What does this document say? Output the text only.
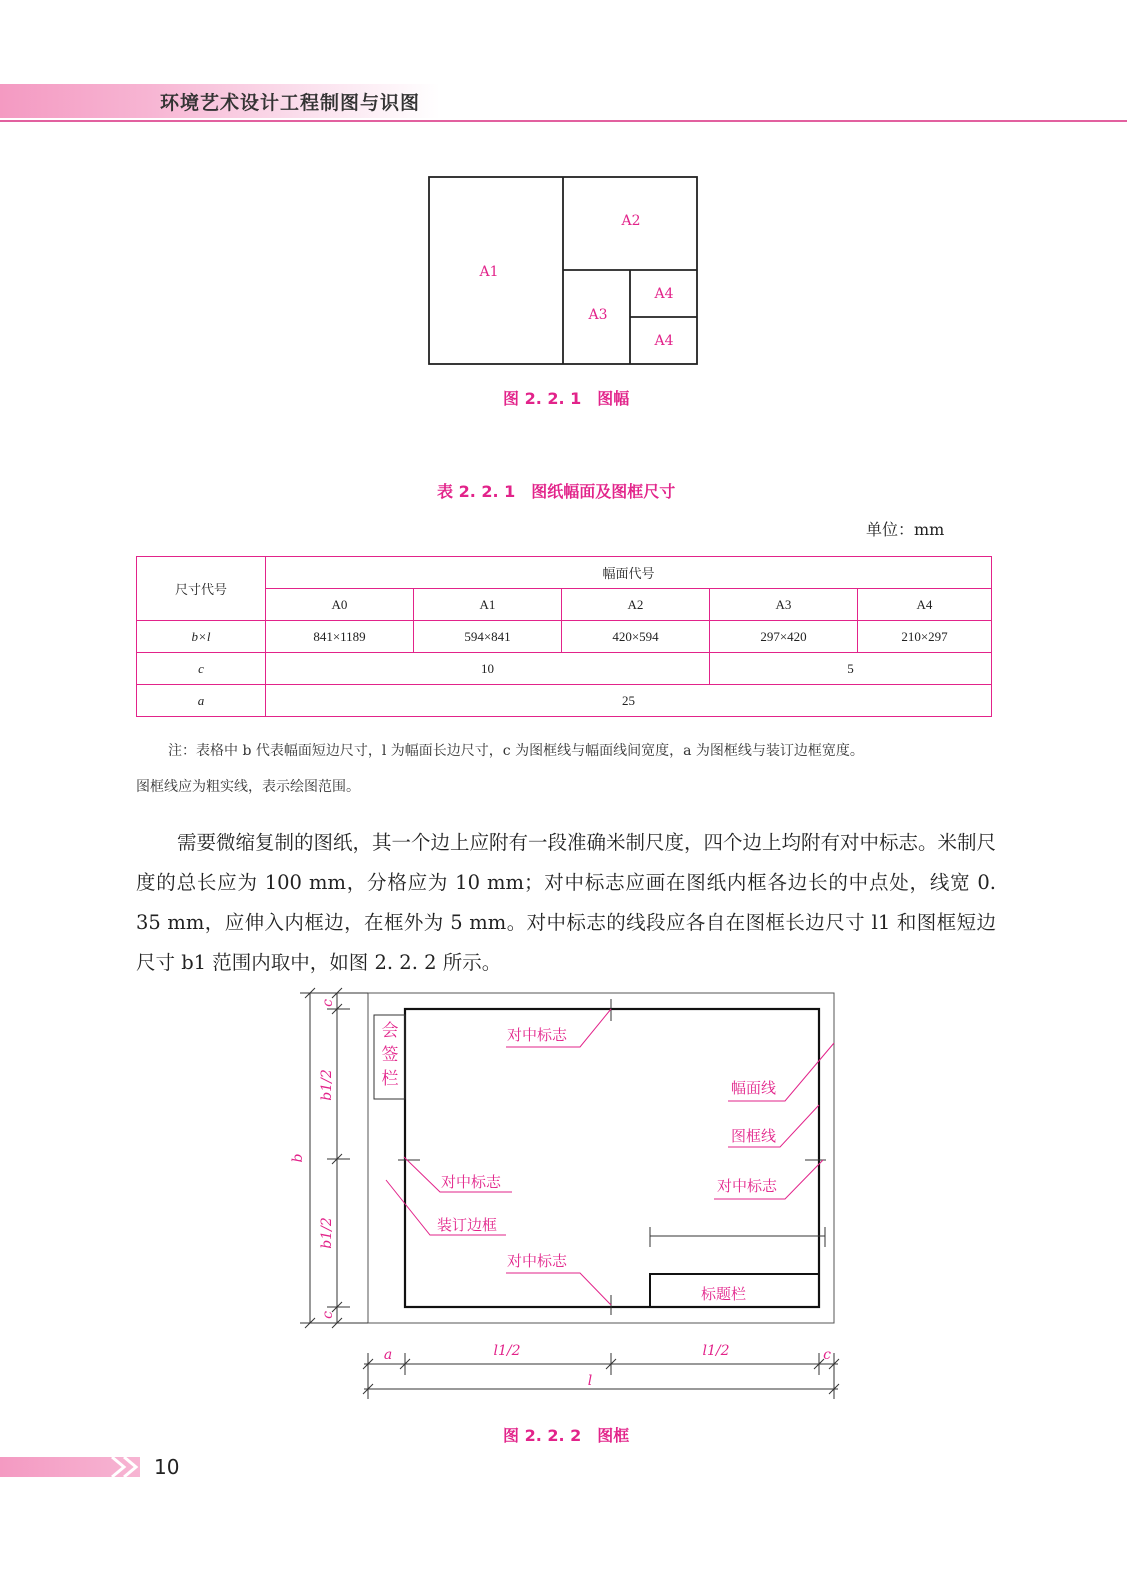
环境艺术设计工程制图与识图
A1
A2
A3
A4
A4
图 2. 2. 1　图幅
表 2. 2. 1　图纸幅面及图框尺寸
单位：mm
尺寸代号	幅面代号				
	A0	A1	A2	A3	A4
b×l	841×1189	594×841	420×594	297×420	210×297
c	10			5	
a	25				
注：表格中 b 代表幅面短边尺寸，l 为幅面长边尺寸，c 为图框线与幅面线间宽度，a 为图框线与装订边框宽度。
图框线应为粗实线，表示绘图范围。

需要微缩复制的图纸，其一个边上应附有一段准确米制尺度，四个边上均附有对中标志。米制尺度的总长应为 100 mm，分格应为 10 mm；对中标志应画在图纸内框各边长的中点处，线宽 0. 35 mm，应伸入内框边，在框外为 5 mm。对中标志的线段应各自在图框长边尺寸 l1 和图框短边尺寸 b1 范围内取中，如图 2. 2. 2 所示。

会
签
栏
对中标志
幅面线
图框线
对中标志
对中标志
装订边框
对中标志
标题栏
c
b1/2
b
b1/2
c
a	l1/2	l1/2	c
l
图 2. 2. 2　图框
10
